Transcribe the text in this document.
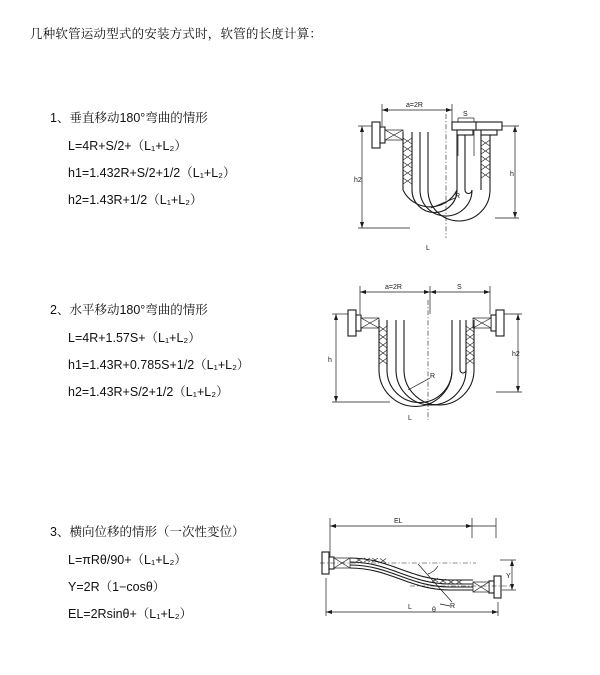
几种软管运动型式的安装方式时，软管的长度计算：
1、垂直移动180°弯曲的情形
L=4R+S/2+（L₁+L₂）
h1=1.432R+S/2+1/2（L₁+L₂）
h2=1.43R+1/2（L₁+L₂）
a=2R
S
R
h
h2
L
2、水平移动180°弯曲的情形
L=4R+1.57S+（L₁+L₂）
h1=1.43R+0.785S+1/2（L₁+L₂）
h2=1.43R+S/2+1/2（L₁+L₂）
a=2R	S
R
h
h2
L
3、横向位移的情形（一次性变位）
L=πRθ/90+（L₁+L₂）
Y=2R（1−cosθ）
EL=2Rsinθ+（L₁+L₂）
EL
θ
R
Y
L
